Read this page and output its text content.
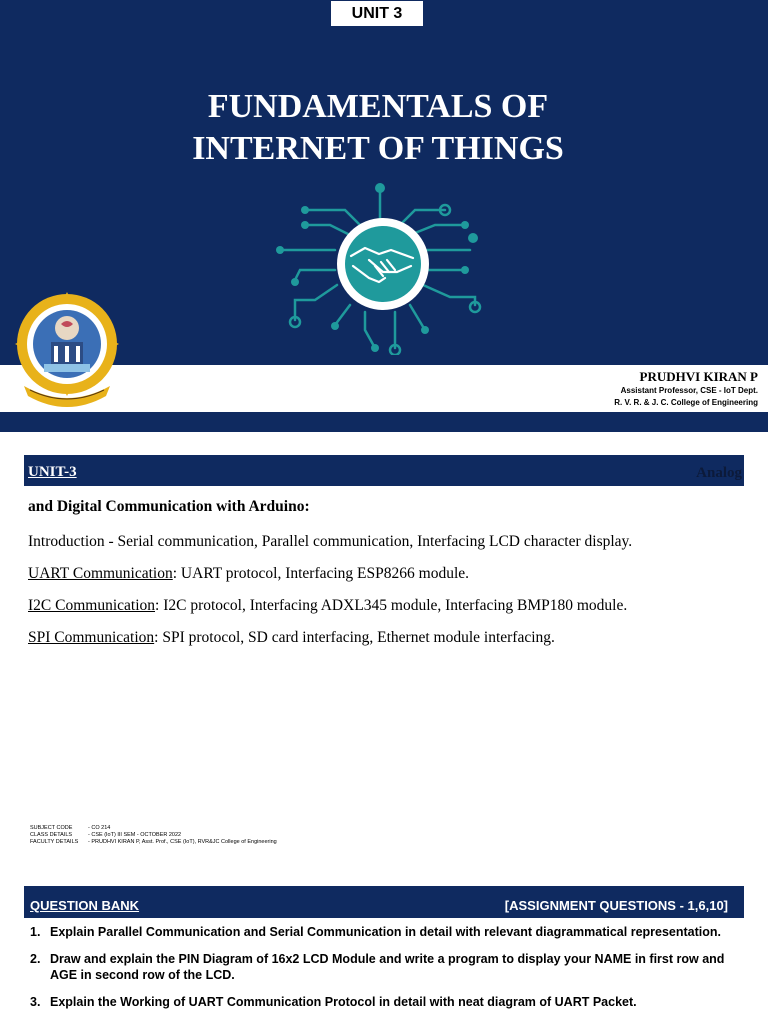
UNIT 3
FUNDAMENTALS OF
INTERNET OF THINGS
PRUDHVI KIRAN P
Assistant Professor, CSE - IoT Dept.
R. V. R. & J. C. College of Engineering
UNIT-3	Analog
and Digital Communication with Arduino:
Introduction - Serial communication, Parallel communication, Interfacing LCD character display.
UART Communication: UART protocol, Interfacing ESP8266 module.
I2C Communication: I2C protocol, Interfacing ADXL345 module, Interfacing BMP180 module.
SPI Communication: SPI protocol, SD card interfacing, Ethernet module interfacing.
SUBJECT CODE	- CO 214
CLASS DETAILS	- CSE (IoT) III SEM - OCTOBER 2022
FACULTY DETAILS	- PRUDHVI KIRAN P, Asst. Prof., CSE (IoT), RVR&JC College of Engineering
QUESTION BANK	[ASSIGNMENT QUESTIONS - 1,6,10]
1. Explain Parallel Communication and Serial Communication in detail with relevant diagrammatical representation.
2. Draw and explain the PIN Diagram of 16x2 LCD Module and write a program to display your NAME in first row and AGE in second row of the LCD.
3. Explain the Working of UART Communication Protocol in detail with neat diagram of UART Packet.
